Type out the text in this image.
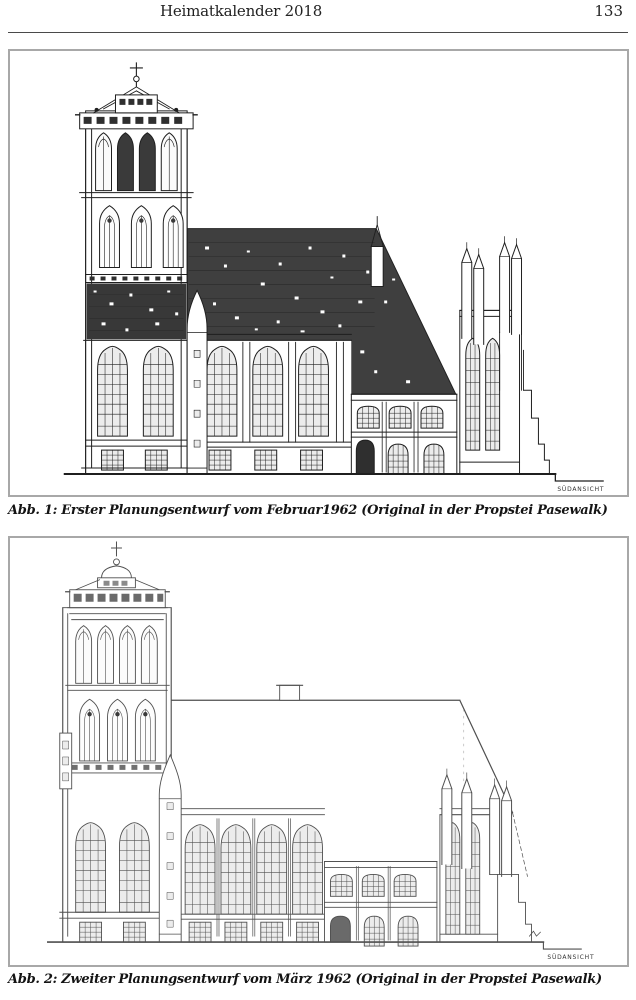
Heimatkalender 2018	133
SÜDANSICHT
Abb. 1: Erster Planungsentwurf vom Februar1962 (Original in der Propstei Pasewalk)
SÜDANSICHT
Abb. 2: Zweiter Planungsentwurf vom März 1962 (Original in der Propstei Pasewalk)
